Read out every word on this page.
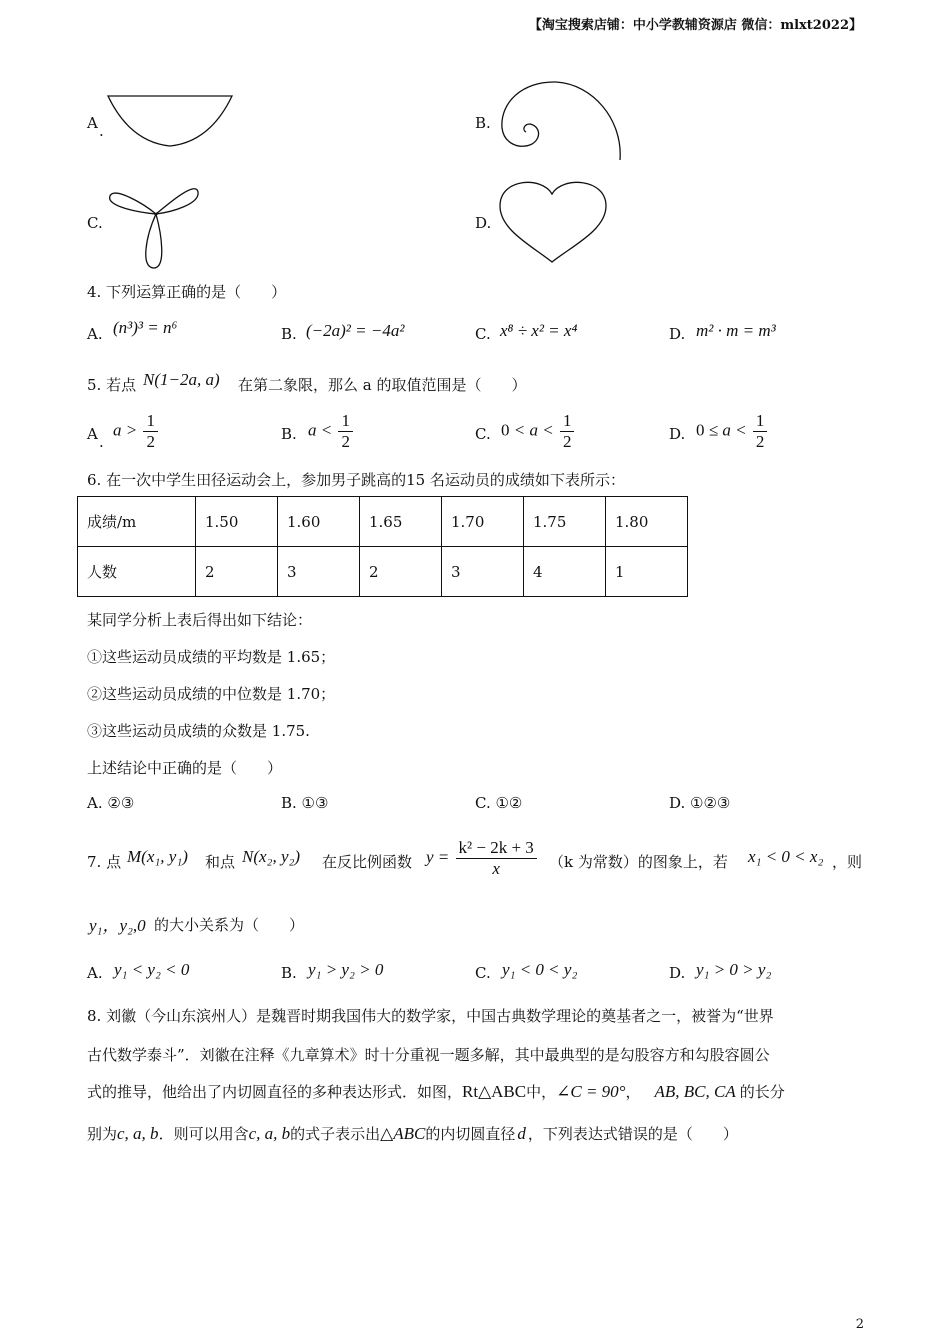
【淘宝搜索店铺：中小学教辅资源店 微信：mlxt2022】
A .	B.
C.	D.
4. 下列运算正确的是（　　）
A. (n³)³ = n⁶	B. (−2a)² = −4a²	C. x⁸ ÷ x² = x⁴	D. m² · m = m³
5. 若点 N(1−2a, a) 在第二象限，那么 a 的取值范围是（　　）
A .
$a > \frac{1}{2}$	B. $a < \frac{1}{2}$	C. $0 < a < \frac{1}{2}$	D. $0 \le a < \frac{1}{2}$
6. 在一次中学生田径运动会上，参加男子跳高的15 名运动员的成绩如下表所示：
成绩/m	1.50	1.60	1.65	1.70	1.75	1.80
人数	2	3	2	3	4	1
某同学分析上表后得出如下结论：
①这些运动员成绩的平均数是 1.65；
②这些运动员成绩的中位数是 1.70；
③这些运动员成绩的众数是 1.75.
上述结论中正确的是（　　）
A. ②③	B. ①③	C. ①②	D. ①②③
7. 点 M(x₁, y₁) 和点 N(x₂, y₂) 在反比例函数 $y = \frac{\text{k² − 2k + 3}}{x} (k$ 为常数）的图象上，若 x₁ < 0 < x₂ ，则
y₁，y₂,0 的大小关系为（　　）
A. y₁ < y₂ < 0	B. y₁ > y₂ > 0	C. y₁ < 0 < y₂	D. y₁ > 0 > y₂
8. 刘徽（今山东滨州人）是魏晋时期我国伟大的数学家，中国古典数学理论的奠基者之一，被誉为“世界
古代数学泰斗”．刘徽在注释《九章算术》时十分重视一题多解，其中最典型的是勾股容方和勾股容圆公
式的推导，他给出了内切圆直径的多种表达形式．如图，Rt△ABC中，∠C = 90°， AB, BC, CA 的长分
别为c, a, b．则可以用含c, a, b的式子表示出△ABC的内切圆直径 d ，下列表达式错误的是（　　）
2
